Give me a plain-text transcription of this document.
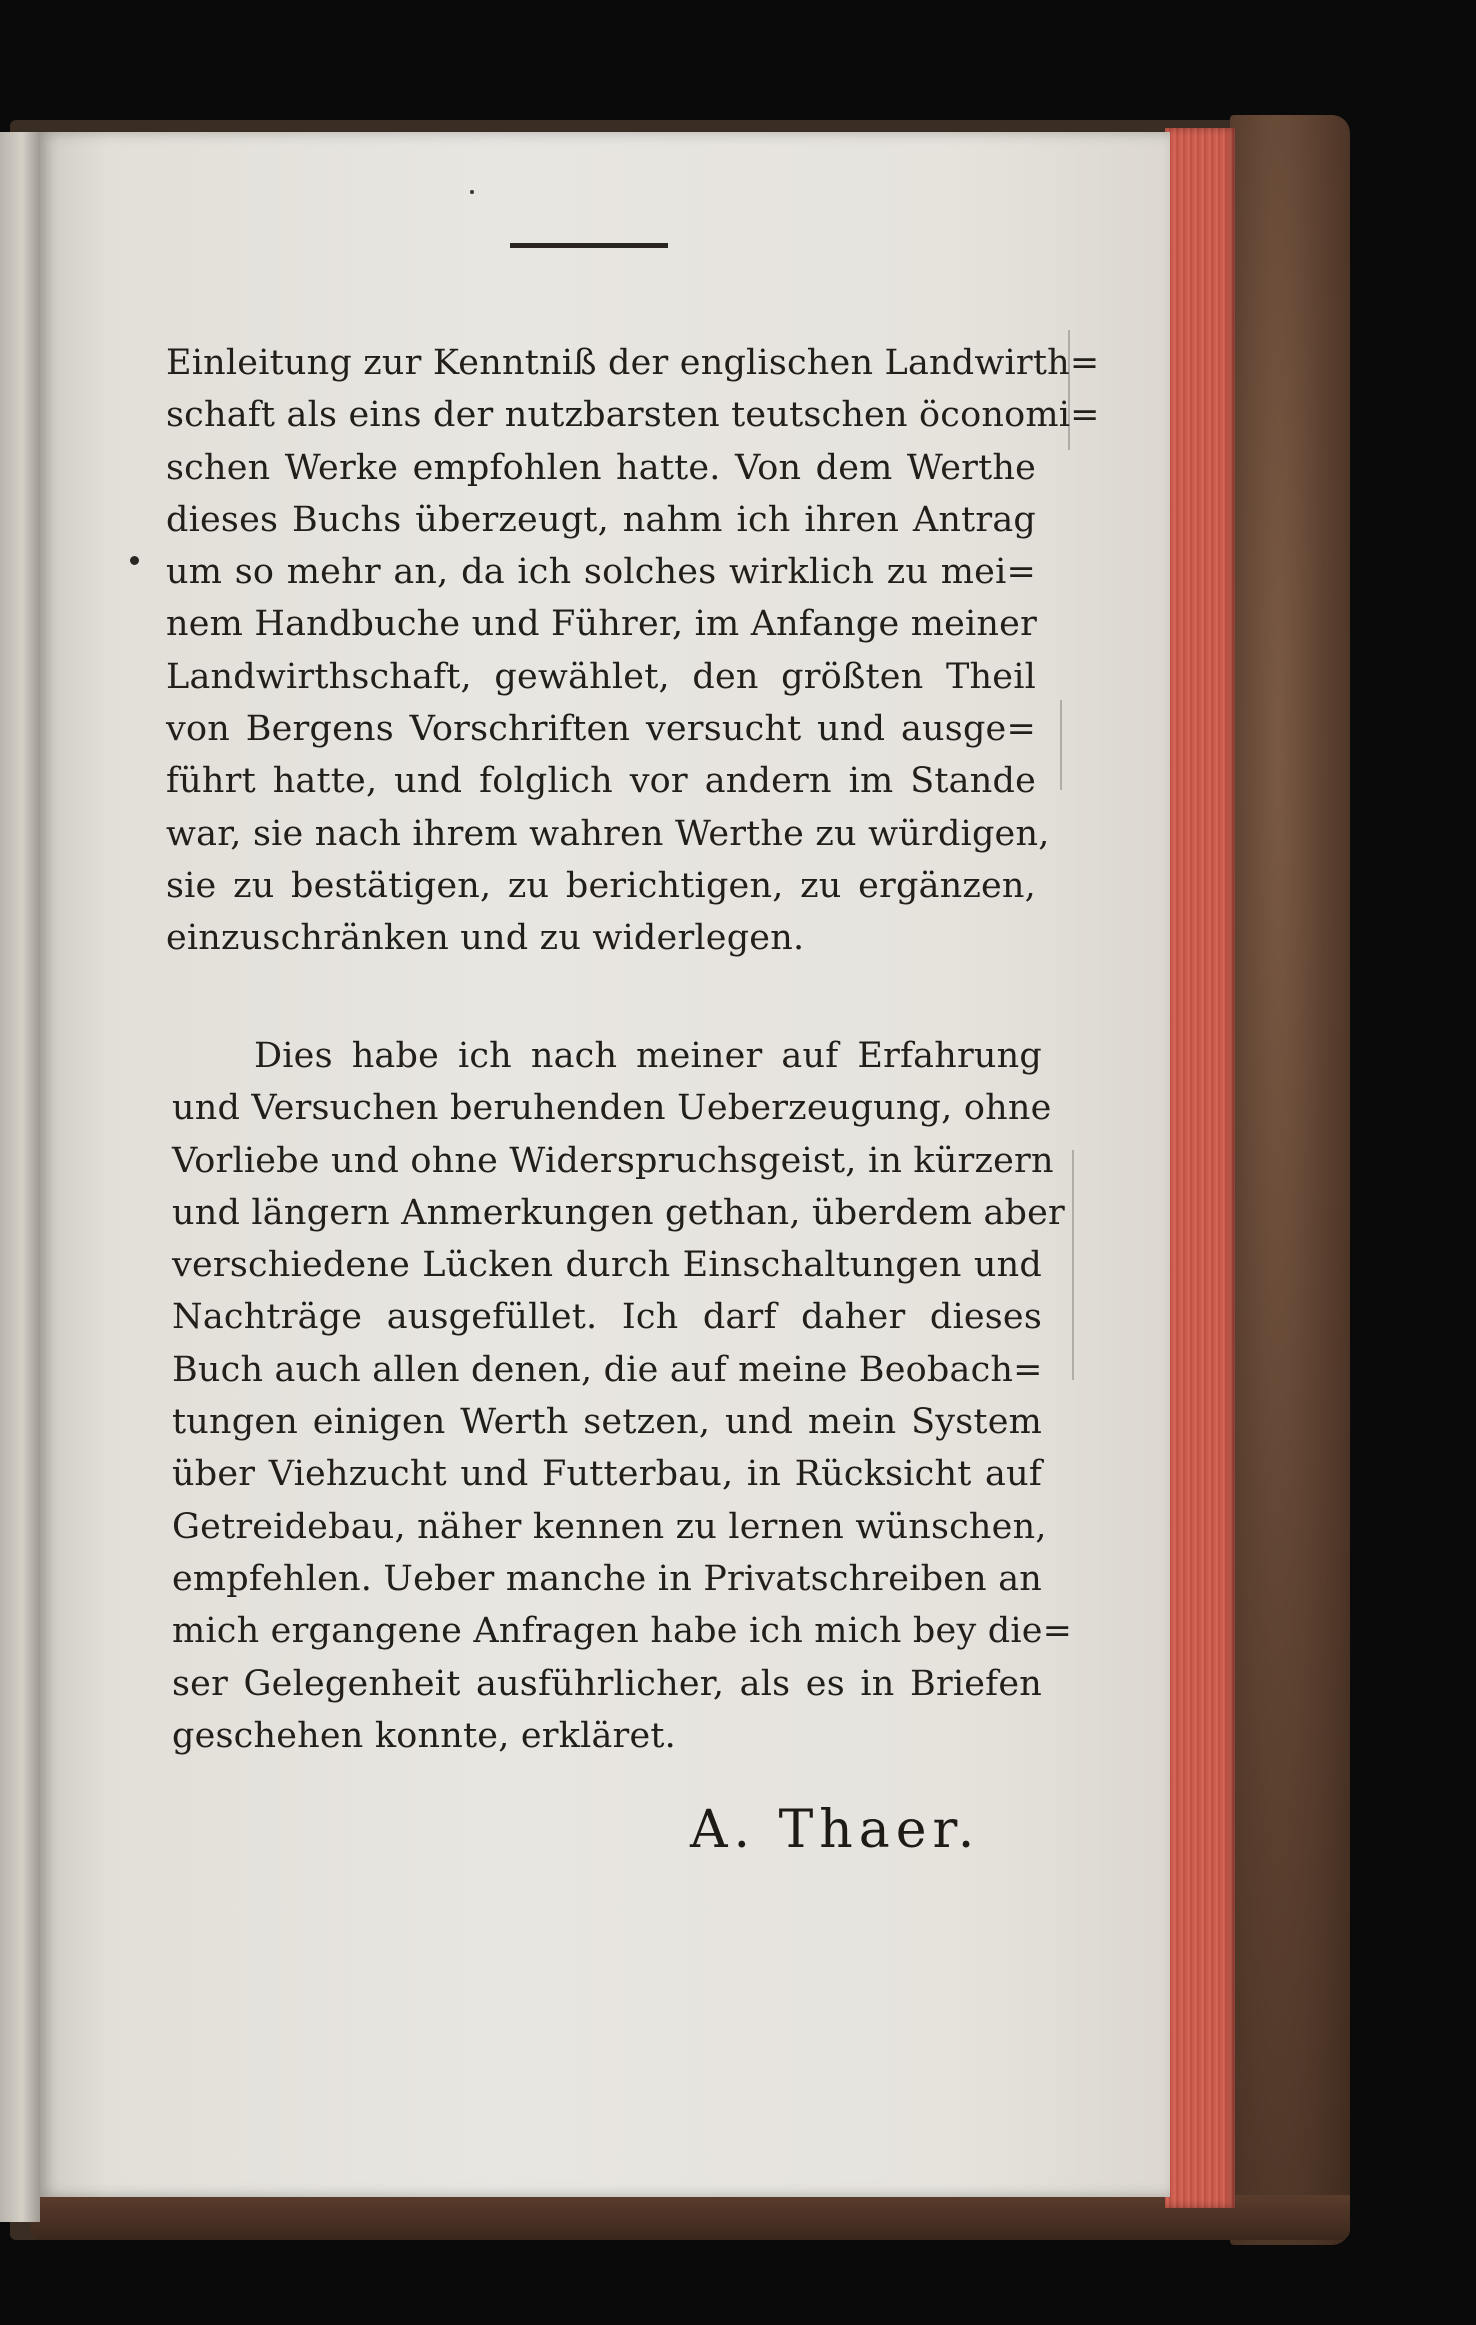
Einleitung zur Kenntniß der englischen Landwirth=
schaft als eins der nutzbarsten teutschen öconomi=
schen Werke empfohlen hatte. Von dem Werthe
dieses Buchs überzeugt, nahm ich ihren Antrag
um so mehr an, da ich solches wirklich zu mei=
nem Handbuche und Führer, im Anfange meiner
Landwirthschaft, gewählet, den größten Theil
von Bergens Vorschriften versucht und ausge=
führt hatte, und folglich vor andern im Stande
war, sie nach ihrem wahren Werthe zu würdigen,
sie zu bestätigen, zu berichtigen, zu ergänzen,
einzuschränken und zu widerlegen.
Dies habe ich nach meiner auf Erfahrung
und Versuchen beruhenden Ueberzeugung, ohne
Vorliebe und ohne Widerspruchsgeist, in kürzern
und längern Anmerkungen gethan, überdem aber
verschiedene Lücken durch Einschaltungen und
Nachträge ausgefüllet. Ich darf daher dieses
Buch auch allen denen, die auf meine Beobach=
tungen einigen Werth setzen, und mein System
über Viehzucht und Futterbau, in Rücksicht auf
Getreidebau, näher kennen zu lernen wünschen,
empfehlen. Ueber manche in Privatschreiben an
mich ergangene Anfragen habe ich mich bey die=
ser Gelegenheit ausführlicher, als es in Briefen
geschehen konnte, erkläret.
A. Thaer.
